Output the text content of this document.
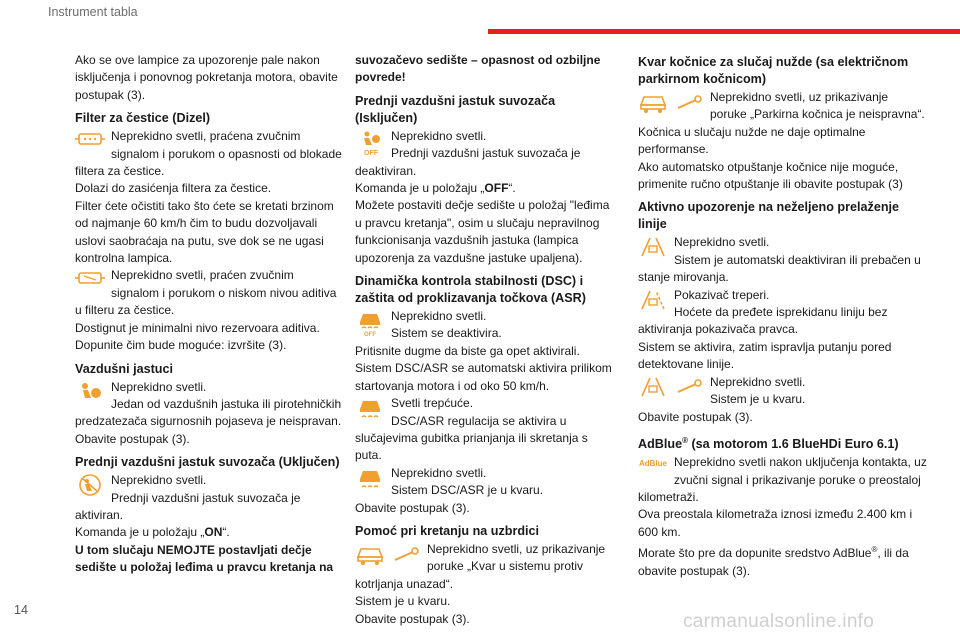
Instrument tabla

Ako se ove lampice za upozorenje pale nakon isključenja i ponovnog pokretanja motora, obavite postupak (3).

Filter za čestice (Dizel)

Neprekidno svetli, praćena zvučnim signalom i porukom o opasnosti od blokade filtera za čestice.

Dolazi do zasićenja filtera za čestice.

Filter ćete očistiti tako što ćete se kretati brzinom od najmanje 60 km/h čim to budu dozvoljavali uslovi saobraćaja na putu, sve dok se ne ugasi kontrolna lampica.

Neprekidno svetli, praćen zvučnim signalom i porukom o niskom nivou aditiva u filteru za čestice.

Dostignut je minimalni nivo rezervoara aditiva.

Dopunite čim bude moguće: izvršite (3).

Vazdušni jastuci

Neprekidno svetli.

Jedan od vazdušnih jastuka ili pirotehničkih predzatezača sigurnosnih pojaseva je neispravan.

Obavite postupak (3).

Prednji vazdušni jastuk suvozača (Uključen)

Neprekidno svetli.

Prednji vazdušni jastuk suvozača je aktiviran.

Komanda je u položaju „ON“.

U tom slučaju NEMOJTE postavljati dečje sedište u položaj leđima u pravcu kretanja na

suvozačevo sedište – opasnost od ozbiljne povrede!

Prednji vazdušni jastuk suvozača (Isključen)
OFF

Neprekidno svetli.

Prednji vazdušni jastuk suvozača je deaktiviran.

Komanda je u položaju „OFF“.

Možete postaviti dečje sedište u položaj "leđima u pravcu kretanja", osim u slučaju nepravilnog funkcionisanja vazdušnih jastuka (lampica upozorenja za vazdušne jastuke upaljena).

Dinamička kontrola stabilnosti (DSC) i zaštita od proklizavanja točkova (ASR)
OFF

Neprekidno svetli.

Sistem se deaktivira.

Pritisnite dugme da biste ga opet aktivirali.

Sistem DSC/ASR se automatski aktivira prilikom startovanja motora i od oko 50 km/h.

Svetli trepćuće.

DSC/ASR regulacija se aktivira u slučajevima gubitka prianjanja ili skretanja s puta.

Neprekidno svetli.

Sistem DSC/ASR je u kvaru.

Obavite postupak (3).

Pomoć pri kretanju na uzbrdici

Neprekidno svetli, uz prikazivanje poruke „Kvar u sistemu protiv kotrljanja unazad“.

Sistem je u kvaru.

Obavite postupak (3).

Kvar kočnice za slučaj nužde (sa električnom parkirnom kočnicom)

Neprekidno svetli, uz prikazivanje poruke „Parkirna kočnica je neispravna“.

Kočnica u slučaju nužde ne daje optimalne performanse.

Ako automatsko otpuštanje kočnice nije moguće, primenite ručno otpuštanje ili obavite postupak (3)

Aktivno upozorenje na neželjeno prelaženje linije

Neprekidno svetli.

Sistem je automatski deaktiviran ili prebačen u stanje mirovanja.

Pokazivač treperi.

Hoćete da pređete isprekidanu liniju bez aktiviranja pokazivača pravca.

Sistem se aktivira, zatim ispravlja putanju pored detektovane linije.

Neprekidno svetli.

Sistem je u kvaru.

Obavite postupak (3).

AdBlue® (sa motorom 1.6 BlueHDi Euro 6.1)
AdBlue Neprekidno svetli nakon uključenja kontakta, uz zvučni signal i prikazivanje poruke o preostaloj kilometraži.

Ova preostala kilometraža iznosi između 2.400 km i 600 km.

Morate što pre da dopunite sredstvo AdBlue®, ili da obavite postupak (3).

14
carmanualsonline.info
